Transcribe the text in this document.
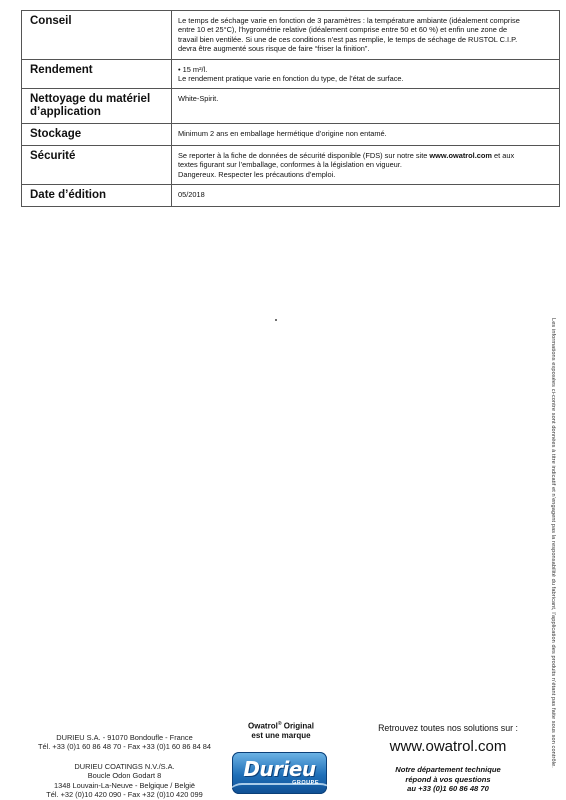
Conseil	Le temps de séchage varie en fonction de 3 paramètres : la température ambiante (idéalement comprise
entre 10 et 25°C), l’hygrométrie relative (idéalement comprise entre 50 et 60 %) et enfin une zone de
travail bien ventilée. Si une de ces conditions n’est pas remplie, le temps de séchage de RUSTOL C.I.P.
devra être augmenté sous risque de faire “friser la finition”.

Rendement	• 15 m²/l.
Le rendement pratique varie en fonction du type, de l’état de surface.

Nettoyage du matériel d’application	White-Spirit.

Stockage	Minimum 2 ans en emballage hermétique d’origine non entamé.

Sécurité	Se reporter à la fiche de données de sécurité disponible (FDS) sur notre site www.owatrol.com et aux
textes figurant sur l’emballage, conformes à la législation en vigueur.
Dangereux. Respecter les précautions d’emploi.

Date d’édition	05/2018
Les informations exposées ci-contre sont données à titre indicatif et n’engagent pas la responsabilité du fabricant, l’application des produits n’étant pas faite sous son contrôle.
DURIEU S.A. - 91070 Bondoufle - France
Tél. +33 (0)1 60 86 48 70 - Fax +33 (0)1 60 86 84 84
DURIEU COATINGS N.V./S.A.
Boucle Odon Godart 8
1348 Louvain-La-Neuve - Belgique / België
Tél. +32 (0)10 420 090 - Fax +32 (0)10 420 099
Owatrol® Original
est une marque
Durieu
GROUPE
Retrouvez toutes nos solutions sur :
www.owatrol.com
Notre département technique
répond à vos questions
au +33 (0)1 60 86 48 70
